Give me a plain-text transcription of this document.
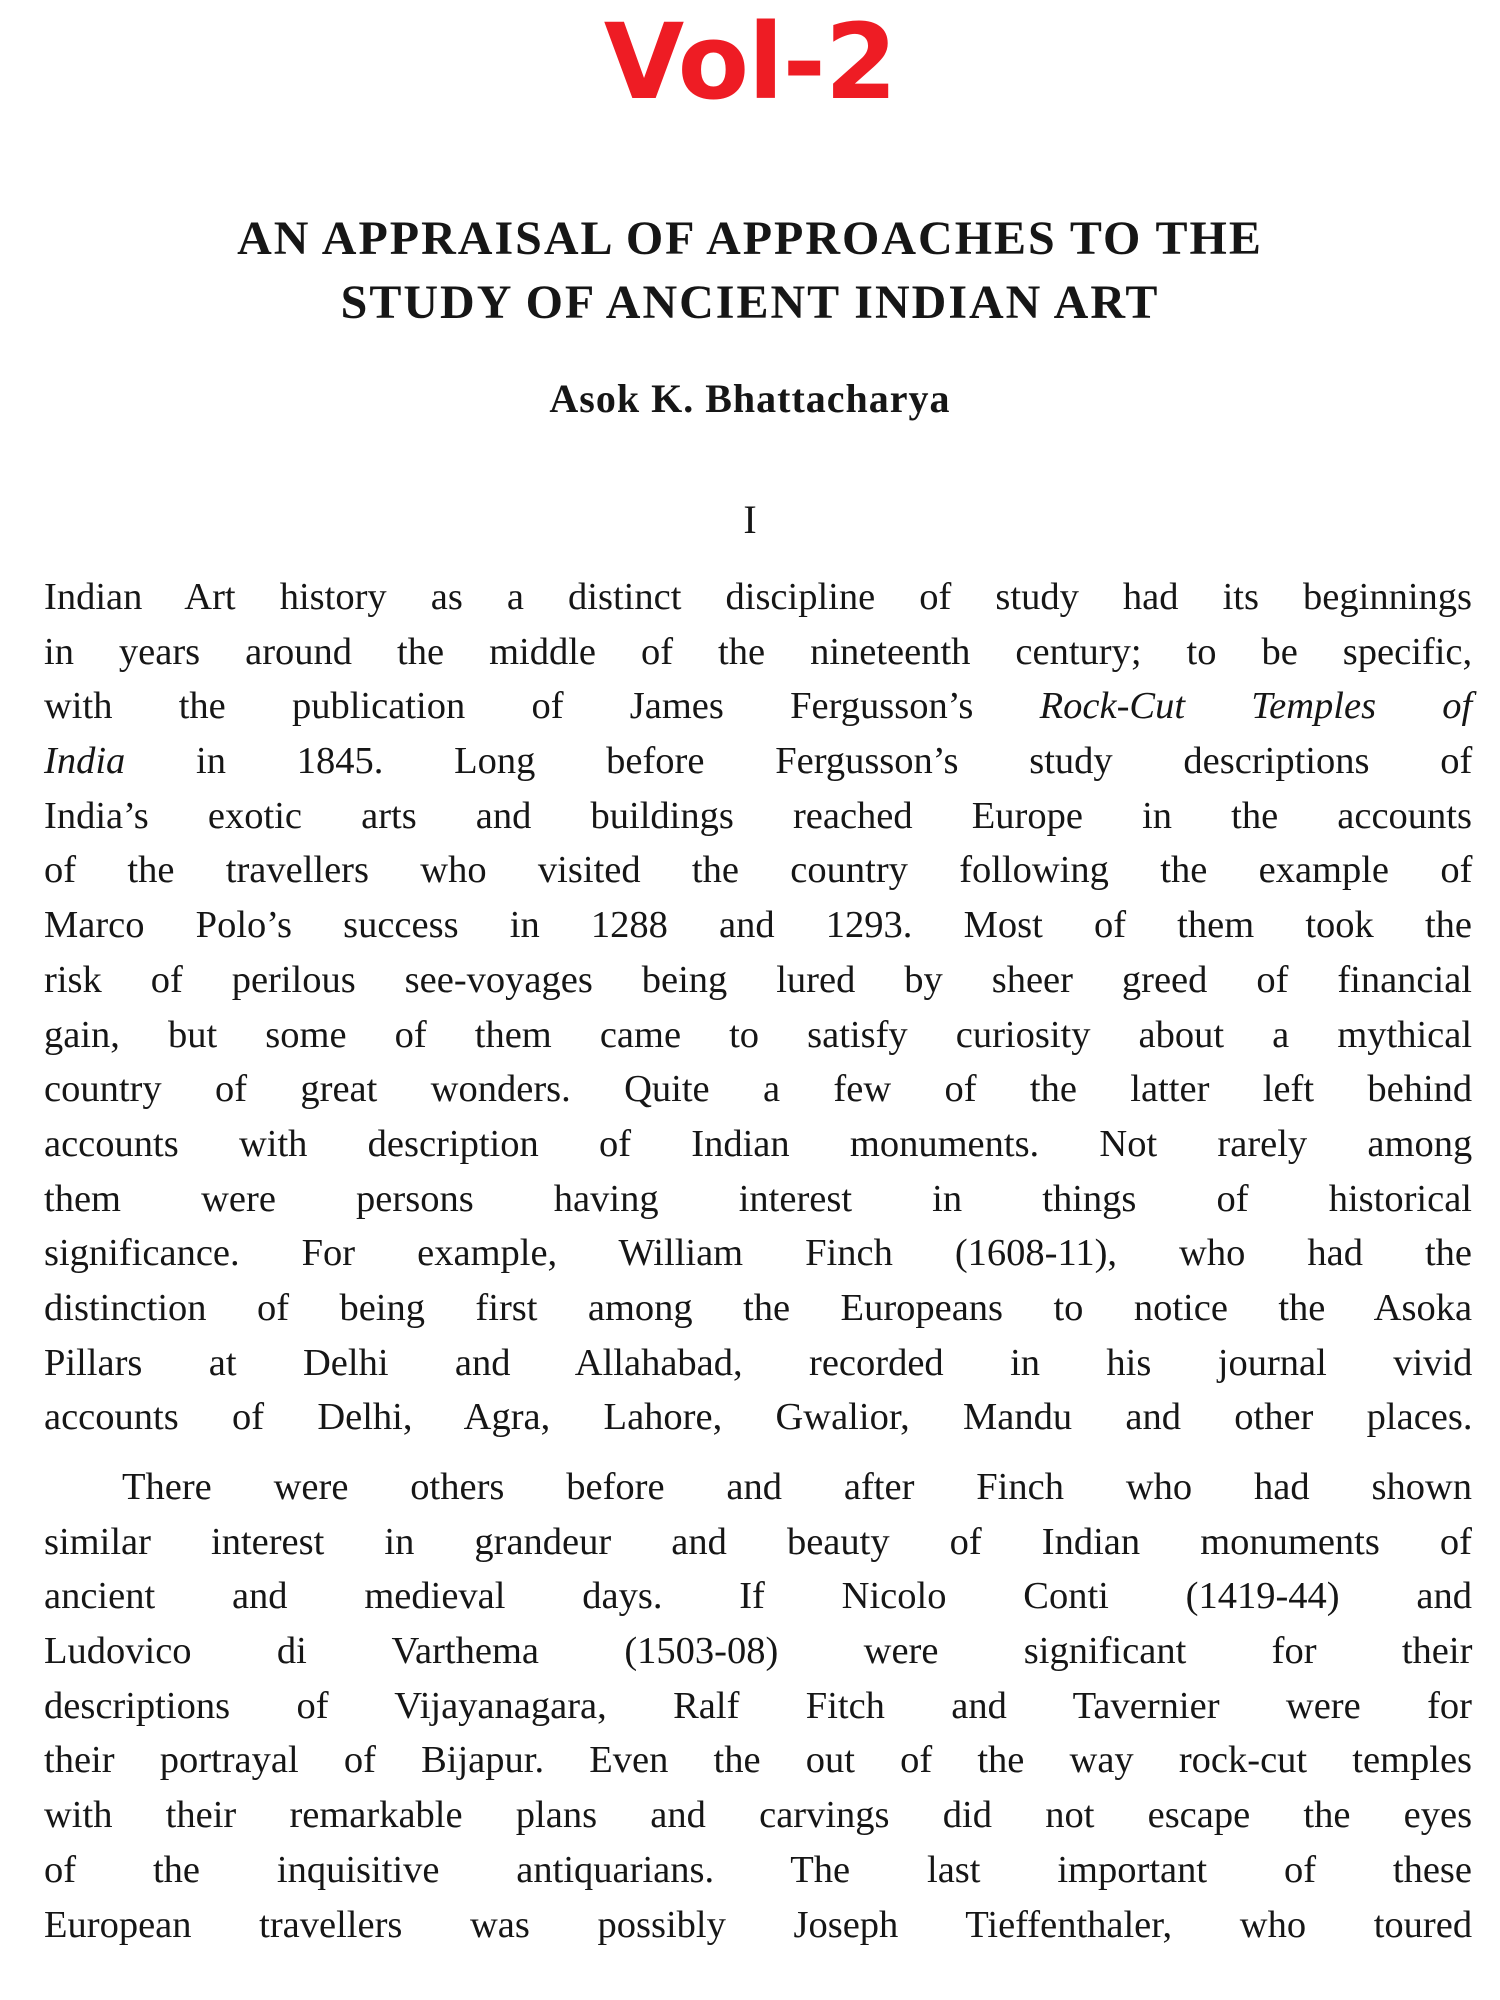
Vol-2
AN APPRAISAL OF APPROACHES TO THE
STUDY OF ANCIENT INDIAN ART
Asok K. Bhattacharya
I
Indian Art history as a distinct discipline of study had its beginnings
in years around the middle of the nineteenth century; to be specific,
with the publication of James Fergusson’s Rock-Cut Temples of
India in 1845. Long before Fergusson’s study descriptions of
India’s exotic arts and buildings reached Europe in the accounts
of the travellers who visited the country following the example of
Marco Polo’s success in 1288 and 1293. Most of them took the
risk of perilous see-voyages being lured by sheer greed of financial
gain, but some of them came to satisfy curiosity about a mythical
country of great wonders. Quite a few of the latter left behind
accounts with description of Indian monuments. Not rarely among
them were persons having interest in things of historical
significance. For example, William Finch (1608-11), who had the
distinction of being first among the Europeans to notice the Asoka
Pillars at Delhi and Allahabad, recorded in his journal vivid
accounts of Delhi, Agra, Lahore, Gwalior, Mandu and other places.
There were others before and after Finch who had shown
similar interest in grandeur and beauty of Indian monuments of
ancient and medieval days. If Nicolo Conti (1419-44) and
Ludovico di Varthema (1503-08) were significant for their
descriptions of Vijayanagara, Ralf Fitch and Tavernier were for
their portrayal of Bijapur. Even the out of the way rock-cut temples
with their remarkable plans and carvings did not escape the eyes
of the inquisitive antiquarians. The last important of these
European travellers was possibly Joseph Tieffenthaler, who toured
